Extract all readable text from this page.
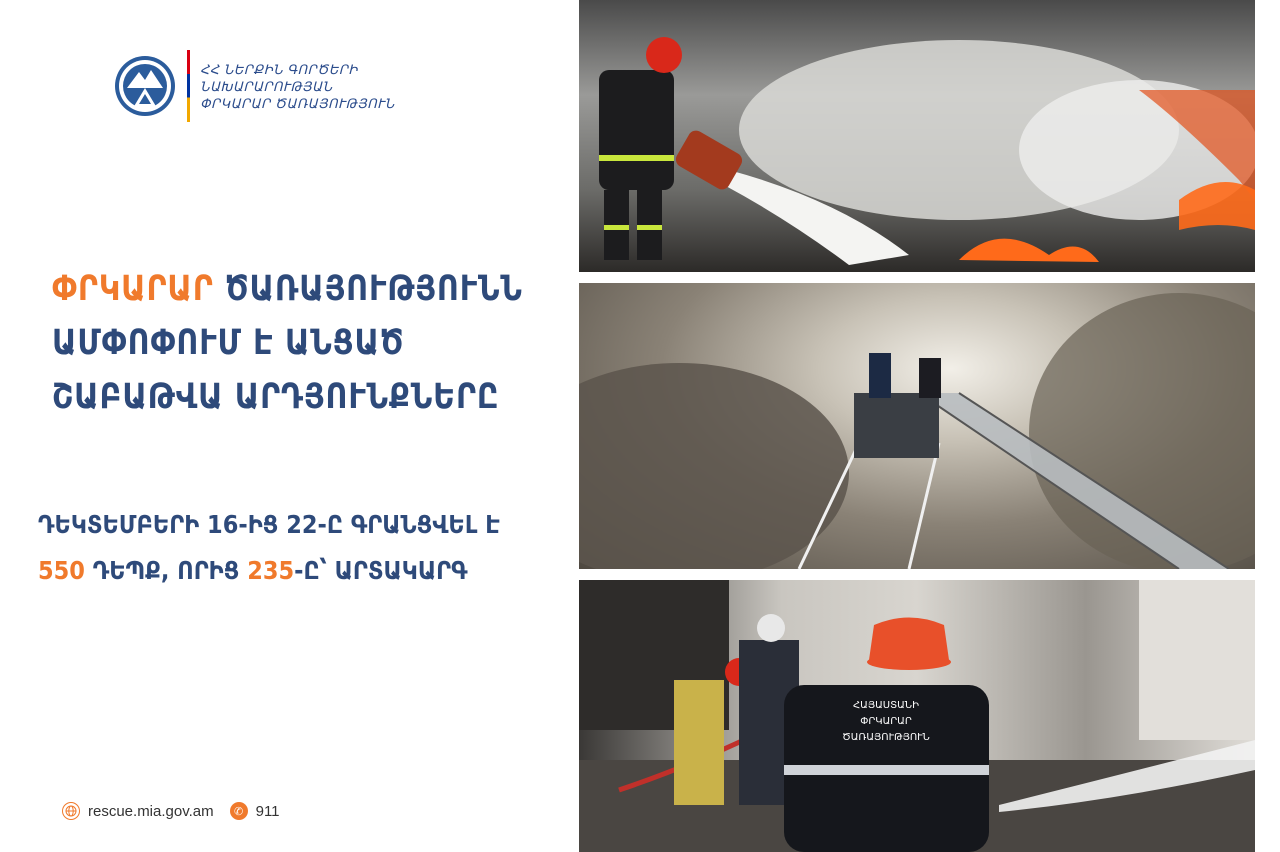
ՀՀ ՆԵՐՔԻՆ ԳՈՐԾԵՐԻ
ՆԱԽԱՐԱՐՈՒԹՅԱՆ
ՓՐԿԱՐԱՐ ԾԱՌԱՅՈՒԹՅՈՒՆ
ՓՐԿԱՐԱՐ ԾԱՌԱՅՈՒԹՅՈՒՆՆ
ԱՄՓՈՓՈՒՄ Է ԱՆՑԱԾ
ՇԱԲԱԹՎԱ ԱՐԴՅՈՒՆՔՆԵՐԸ
ԴԵԿՏԵՄԲԵՐԻ 16-ԻՑ 22-Ը ԳՐԱՆՑՎԵԼ Է
550 ԴԵՊՔ, ՈՐԻՑ 235-Ը՝ ԱՐՏԱԿԱՐԳ
rescue.mia.gov.am	✆ 911
ՀԱՅԱՍՏԱՆԻ
ՓՐԿԱՐԱՐ
ԾԱՌԱՅՈՒԹՅՈՒՆ
